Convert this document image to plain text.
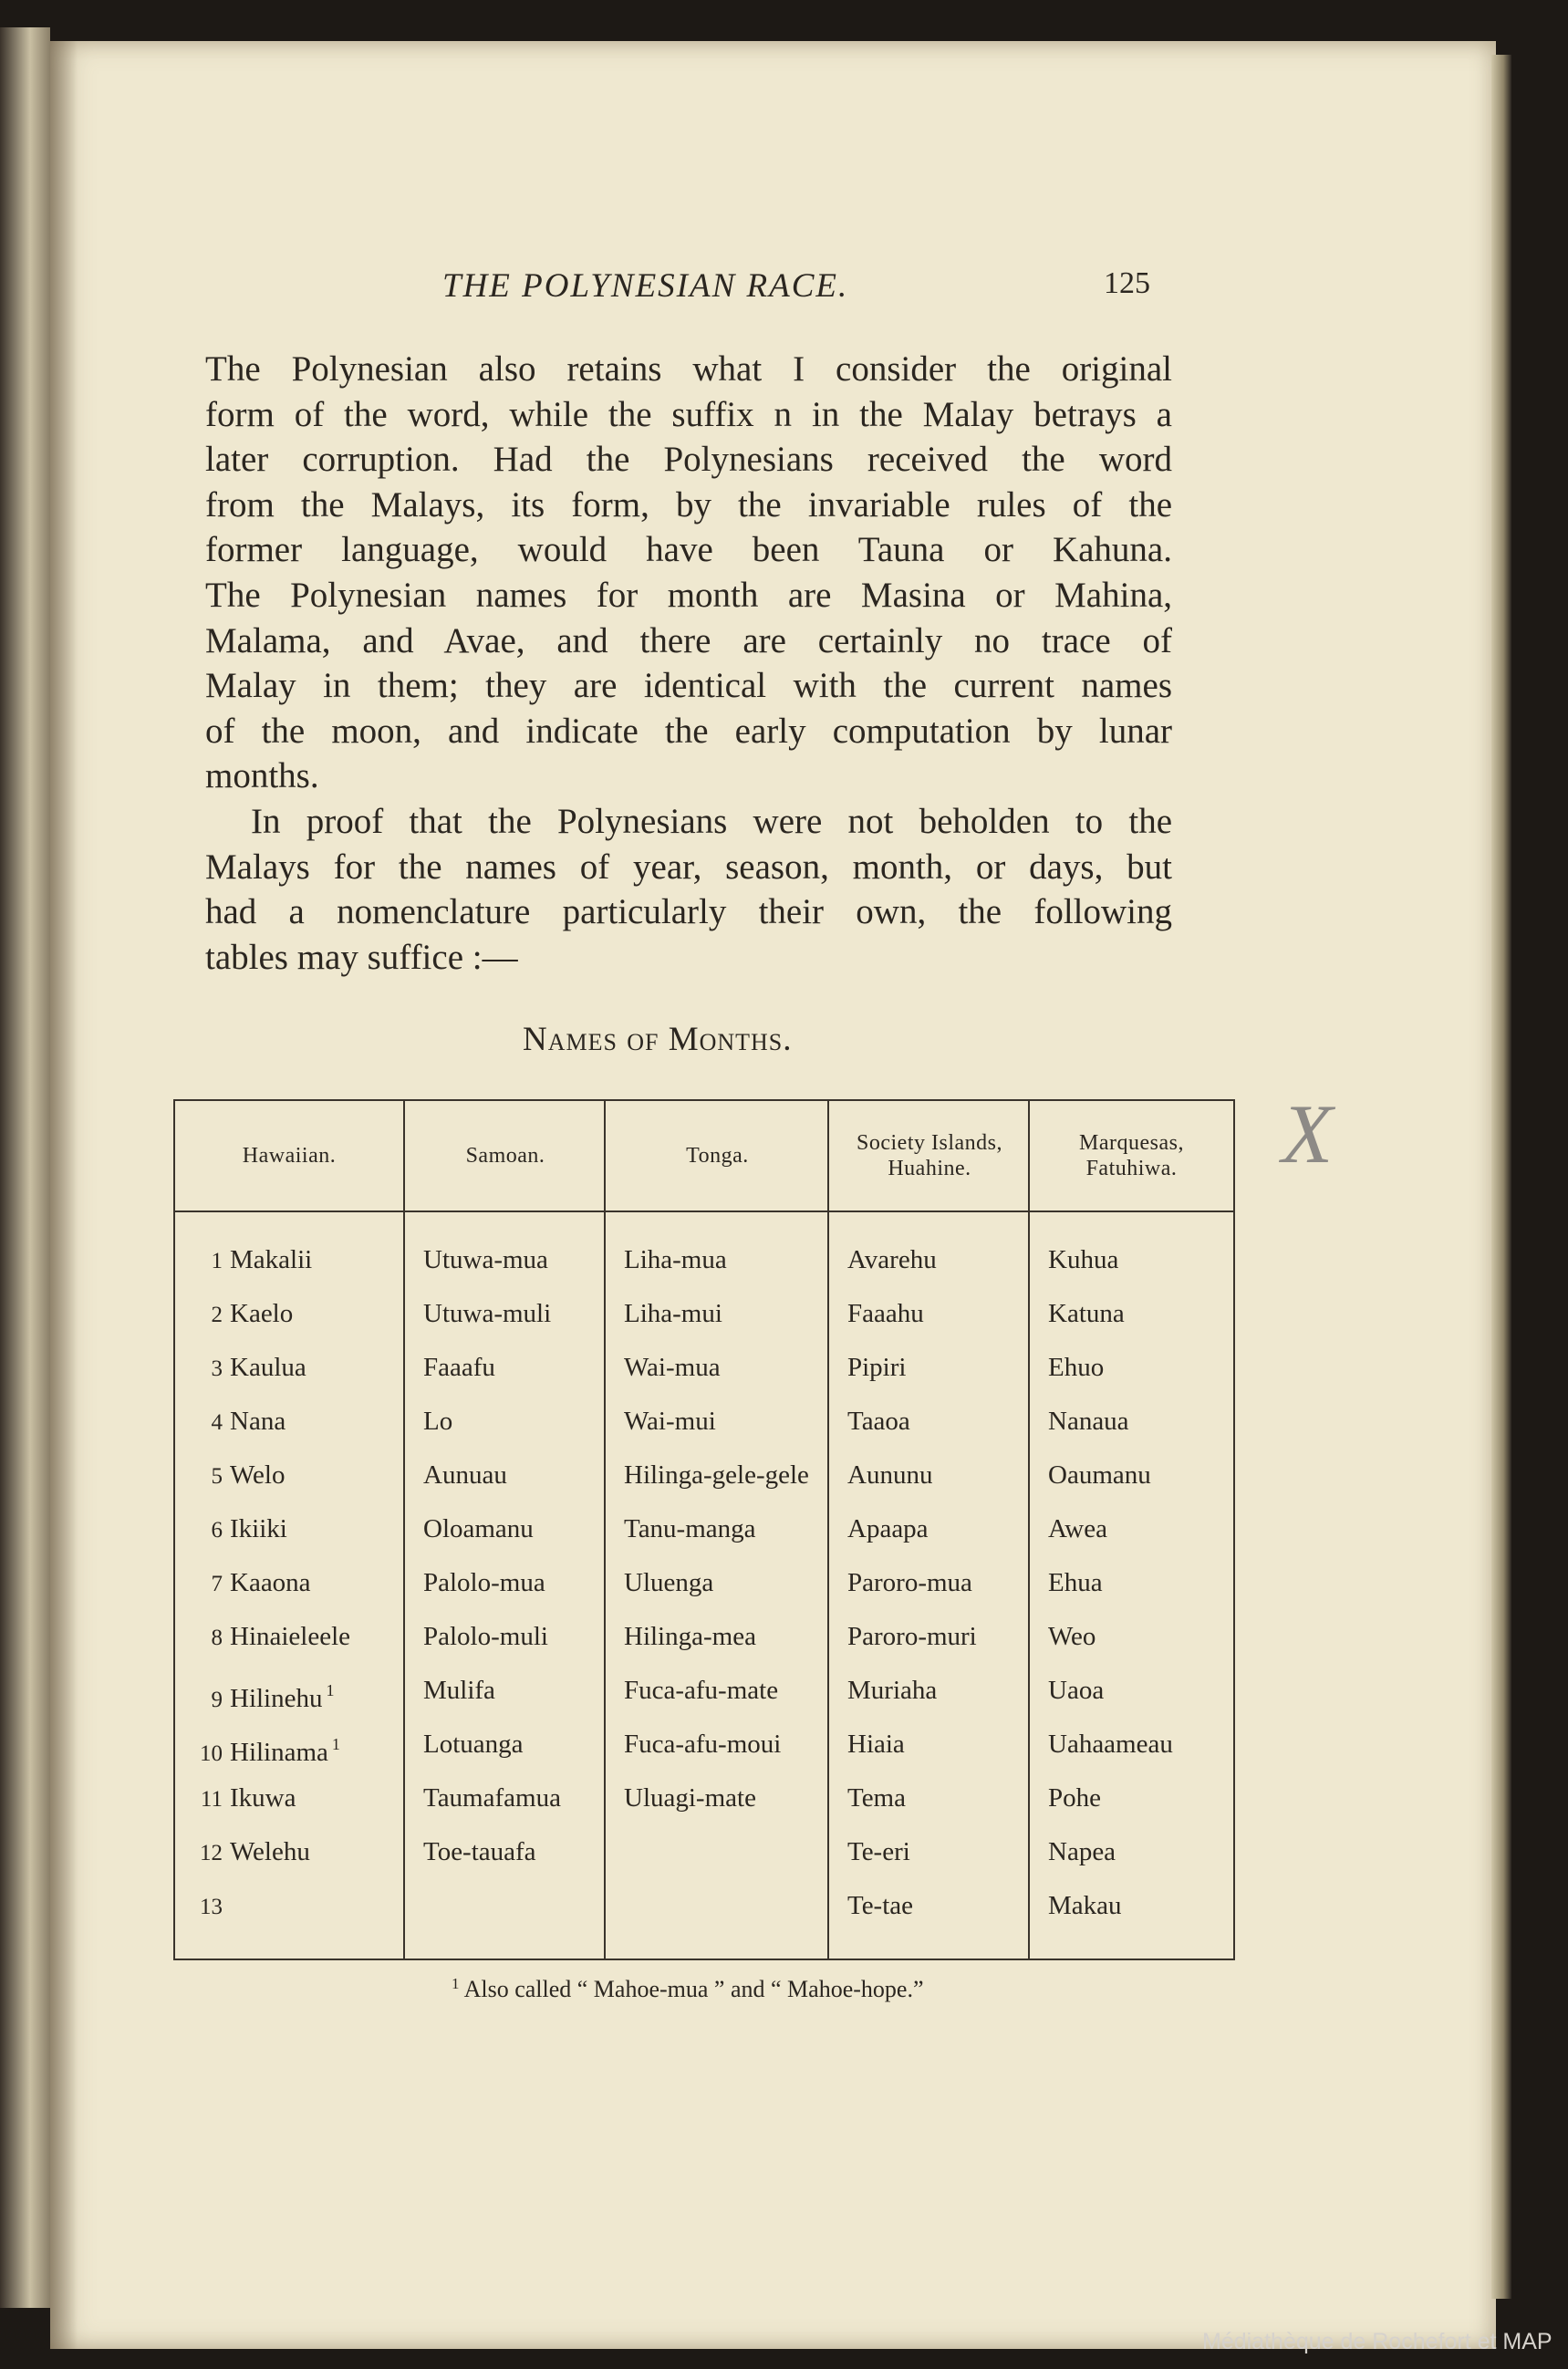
THE POLYNESIAN RACE.	125

The Polynesian also retains what I consider the original
form of the word, while the suffix n in the Malay betrays a
later corruption. Had the Polynesians received the word
from the Malays, its form, by the invariable rules of the
former language, would have been Tauna or Kahuna.
The Polynesian names for month are Masina or Mahina,
Malama, and Avae, and there are certainly no trace of
Malay in them; they are identical with the current names
of the moon, and indicate the early computation by lunar
months.

In proof that the Polynesians were not beholden to the
Malays for the names of year, season, month, or days, but
had a nomenclature particularly their own, the following
tables may suffice :—

Names of Months.
X
Hawaiian.
1 Makalii
2 Kaelo
3 Kaulua
4 Nana
5 Welo
6 Ikiiki
7 Kaaona
8 Hinaieleele
9 Hilinehu $^1$
10 Hilinama $^1$
11 Ikuwa
12 Welehu
13
Samoan.
Utuwa-mua
Utuwa-muli
Faaafu
Lo
Aunuau
Oloamanu
Palolo-mua
Palolo-muli
Mulifa
Lotuanga
Taumafamua
Toe-tauafa
Tonga.
Liha-mua
Liha-mui
Wai-mua
Wai-mui
Hilinga-gele-gele
Tanu-manga
Uluenga
Hilinga-mea
Fuca-afu-mate
Fuca-afu-moui
Uluagi-mate
Society Islands,
Huahine.
Avarehu
Faaahu
Pipiri
Taaoa
Aununu
Apaapa
Paroro-mua
Paroro-muri
Muriaha
Hiaia
Tema
Te-eri
Te-tae
Marquesas,
Fatuhiwa.
Kuhua
Katuna
Ehuo
Nanaua
Oaumanu
Awea
Ehua
Weo
Uaoa
Uahaameau
Pohe
Napea
Makau
$^1$ Also called “ Mahoe-mua ” and “ Mahoe-hope.”
Médiathèque de Rochefort et MAP
